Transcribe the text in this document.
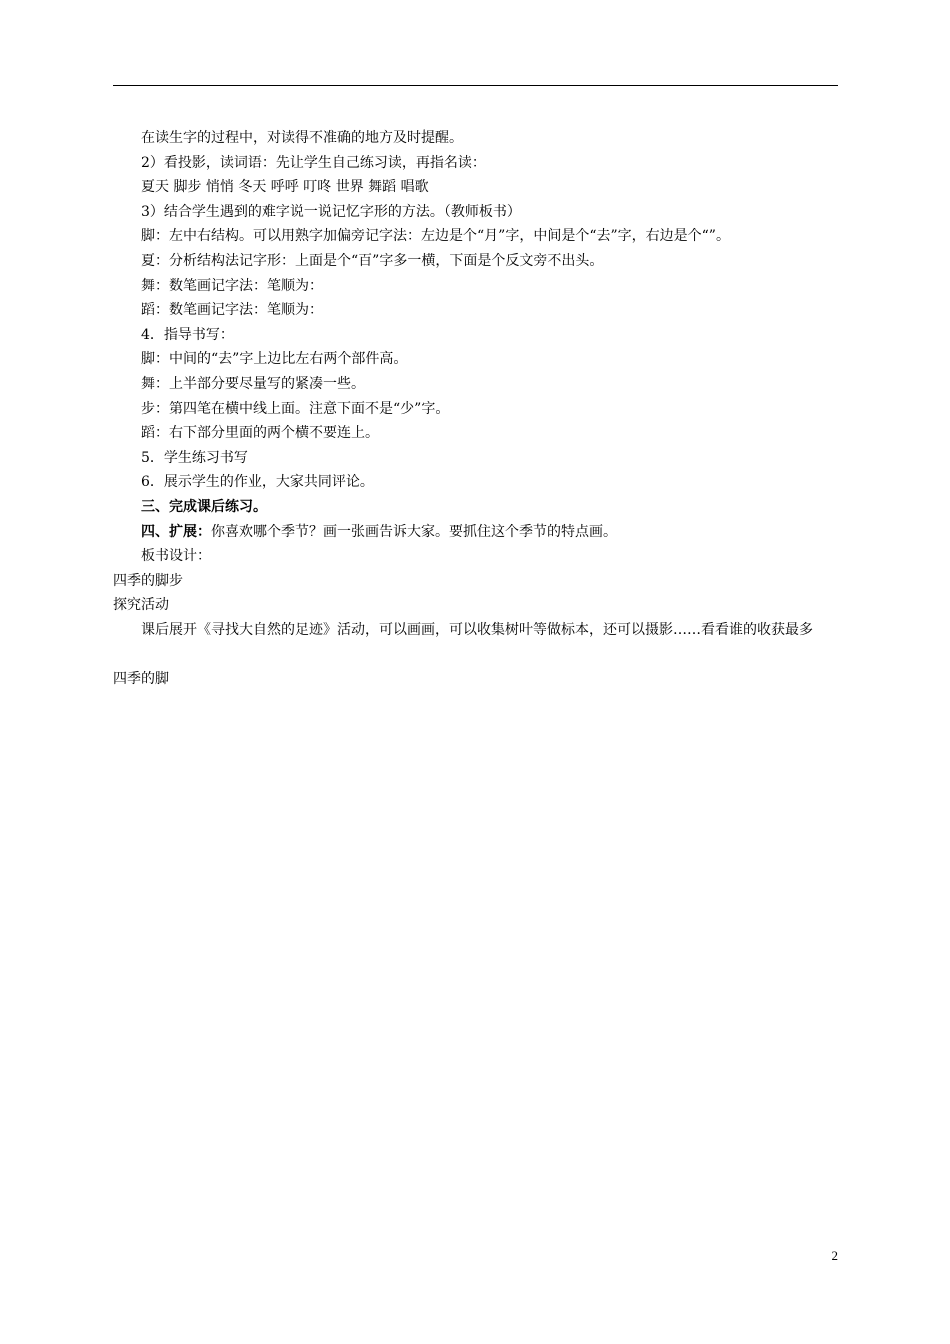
在读生字的过程中，对读得不准确的地方及时提醒。

2）看投影，读词语：先让学生自己练习读，再指名读：

夏天 脚步 悄悄 冬天 呼呼 叮咚 世界 舞蹈 唱歌

3）结合学生遇到的难字说一说记忆字形的方法。（教师板书）

脚：左中右结构。可以用熟字加偏旁记字法：左边是个“月”字，中间是个“去”字，右边是个“”。

夏：分析结构法记字形：上面是个“百”字多一横，下面是个反文旁不出头。

舞：数笔画记字法：笔顺为：

蹈：数笔画记字法：笔顺为：

4．指导书写：

脚：中间的“去”字上边比左右两个部件高。

舞：上半部分要尽量写的紧凑一些。

步：第四笔在横中线上面。注意下面不是“少”字。

蹈：右下部分里面的两个横不要连上。

5．学生练习书写

6．展示学生的作业，大家共同评论。

三、完成课后练习。

四、扩展：你喜欢哪个季节？画一张画告诉大家。要抓住这个季节的特点画。

板书设计：

四季的脚步

探究活动

课后展开《寻找大自然的足迹》活动，可以画画，可以收集树叶等做标本，还可以摄影……看看谁的收获最多

四季的脚

2
